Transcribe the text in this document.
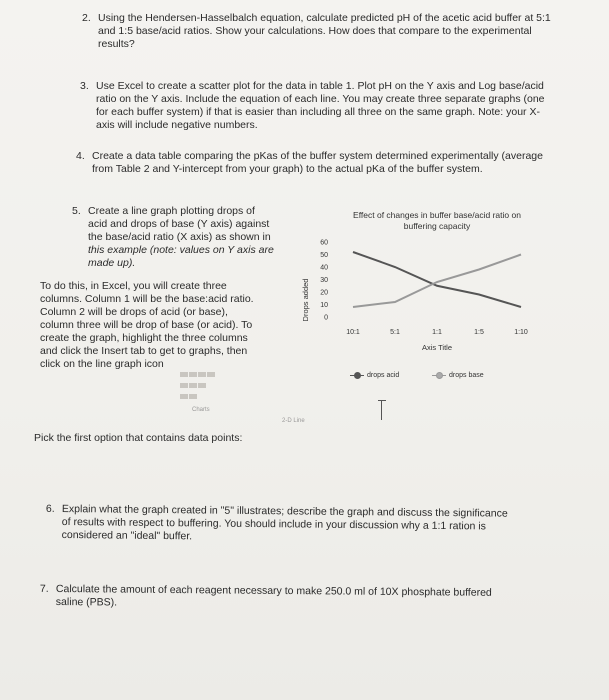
2. Using the Hendersen-Hasselbalch equation, calculate predicted pH of the acetic acid buffer at 5:1

and 1:5 base/acid ratios. Show your calculations. How does that compare to the experimental

results?

3. Use Excel to create a scatter plot for the data in table 1. Plot pH on the Y axis and Log base/acid

ratio on the Y axis. Include the equation of each line. You may create three separate graphs (one

for each buffer system) if that is easier than including all three on the same graph. Note: your X-

axis will include negative numbers.

4. Create a data table comparing the pKas of the buffer system determined experimentally (average

from Table 2 and Y-intercept from your graph) to the actual pKa of the buffer system.

5. Create a line graph plotting drops of

acid and drops of base (Y axis) against

the base/acid ratio (X axis) as shown in

this example (note: values on Y axis are

made up).

To do this, in Excel, you will create three

columns. Column 1 will be the base:acid ratio.

Column 2 will be drops of acid (or base),

column three will be drop of base (or acid). To

create the graph, highlight the three columns

and click the Insert tab to get to graphs, then

click on the line graph icon

Charts
2-D Line
Effect of changes in buffer base/acid ratio on
buffering capacity
Drops added
60
50
40
30
20
10
0
10:1	5:1	1:1	1:5	1:10
Axis Title
drops acid	drops base

Pick the first option that contains data points:

6. Explain what the graph created in "5" illustrates; describe the graph and discuss the significance

of results with respect to buffering. You should include in your discussion why a 1:1 ration is

considered an "ideal" buffer.

7. Calculate the amount of each reagent necessary to make 250.0 ml of 10X phosphate buffered

saline (PBS).
